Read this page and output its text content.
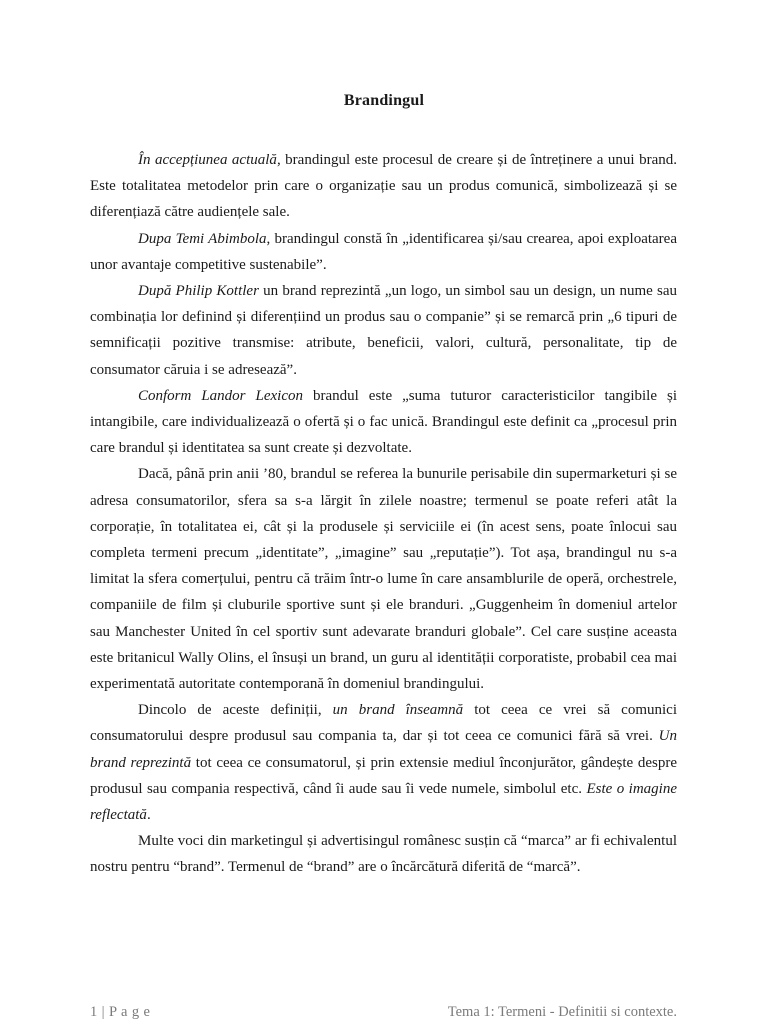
Brandingul

În accepțiunea actuală, brandingul este procesul de creare și de întreținere a unui brand. Este totalitatea metodelor prin care o organizație sau un produs comunică, simbolizează și se diferențiază către audiențele sale.

Dupa Temi Abimbola, brandingul constă în „identificarea și/sau crearea, apoi exploatarea unor avantaje competitive sustenabile”.

După Philip Kottler un brand reprezintă „un logo, un simbol sau un design, un nume sau combinația lor definind și diferențiind un produs sau o companie” și se remarcă prin „6 tipuri de semnificații pozitive transmise: atribute, beneficii, valori, cultură, personalitate, tip de consumator căruia i se adresează”.

Conform Landor Lexicon brandul este „suma tuturor caracteristicilor tangibile și intangibile, care individualizează o ofertă și o fac unică. Brandingul este definit ca „procesul prin care brandul și identitatea sa sunt create și dezvoltate.

Dacă, până prin anii ’80, brandul se referea la bunurile perisabile din supermarketuri și se adresa consumatorilor, sfera sa s-a lărgit în zilele noastre; termenul se poate referi atât la corporație, în totalitatea ei, cât și la produsele și serviciile ei (în acest sens, poate înlocui sau completa termeni precum „identitate”, „imagine” sau „reputație”). Tot așa, brandingul nu s-a limitat la sfera comerțului, pentru că trăim într-o lume în care ansamblurile de operă, orchestrele, companiile de film și cluburile sportive sunt și ele branduri. „Guggenheim în domeniul artelor sau Manchester United în cel sportiv sunt adevarate branduri globale”. Cel care susține aceasta este britanicul Wally Olins, el însuși un brand, un guru al identității corporatiste, probabil cea mai experimentată autoritate contemporană în domeniul brandingului.

Dincolo de aceste definiții, un brand înseamnă tot ceea ce vrei să comunici consumatorului despre produsul sau compania ta, dar și tot ceea ce comunici fără să vrei. Un brand reprezintă tot ceea ce consumatorul, și prin extensie mediul înconjurător, gândește despre produsul sau compania respectivă, când îi aude sau îi vede numele, simbolul etc. Este o imagine reflectată.

Multe voci din marketingul și advertisingul românesc susțin că “marca” ar fi echivalentul nostru pentru “brand”. Termenul de “brand” are o încărcătură diferită de “marcă”.

1 | P a g e	Tema 1: Termeni - Definitii si contexte.
